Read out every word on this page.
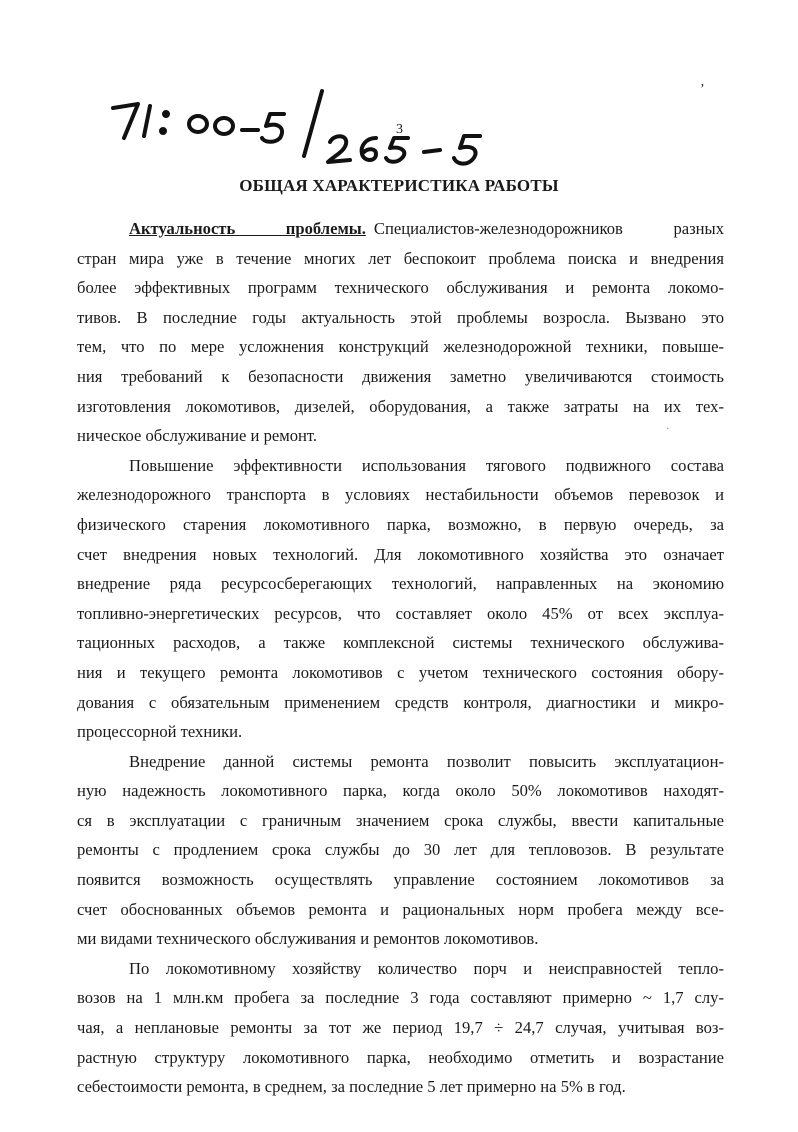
3
ОБЩАЯ ХАРАКТЕРИСТИКА РАБОТЫ
Актуальность проблемы. Специалистов-железнодорожников разных
стран мира уже в течение многих лет беспокоит проблема поиска и внедрения
более эффективных программ технического обслуживания и ремонта локомо-
тивов. В последние годы актуальность этой проблемы возросла. Вызвано это
тем, что по мере усложнения конструкций железнодорожной техники, повыше-
ния требований к безопасности движения заметно увеличиваются стоимость
изготовления локомотивов, дизелей, оборудования, а также затраты на их тех-
ническое обслуживание и ремонт.
Повышение эффективности использования тягового подвижного состава
железнодорожного транспорта в условиях нестабильности объемов перевозок и
физического старения локомотивного парка, возможно, в первую очередь, за
счет внедрения новых технологий. Для локомотивного хозяйства это означает
внедрение ряда ресурсосберегающих технологий, направленных на экономию
топливно-энергетических ресурсов, что составляет около 45% от всех эксплуа-
тационных расходов, а также комплексной системы технического обслужива-
ния и текущего ремонта локомотивов с учетом технического состояния обору-
дования с обязательным применением средств контроля, диагностики и микро-
процессорной техники.
Внедрение данной системы ремонта позволит повысить эксплуатацион-
ную надежность локомотивного парка, когда около 50% локомотивов находят-
ся в эксплуатации с граничным значением срока службы, ввести капитальные
ремонты с продлением срока службы до 30 лет для тепловозов. В результате
появится возможность осуществлять управление состоянием локомотивов за
счет обоснованных объемов ремонта и рациональных норм пробега между все-
ми видами технического обслуживания и ремонтов локомотивов.
По локомотивному хозяйству количество порч и неисправностей тепло-
возов на 1 млн.км пробега за последние 3 года составляют примерно ~ 1,7 слу-
чая, а неплановые ремонты за тот же период 19,7 ÷ 24,7 случая, учитывая воз-
растную структуру локомотивного парка, необходимо отметить и возрастание
себестоимости ремонта, в среднем, за последние 5 лет примерно на 5% в год.
ʼ
·
